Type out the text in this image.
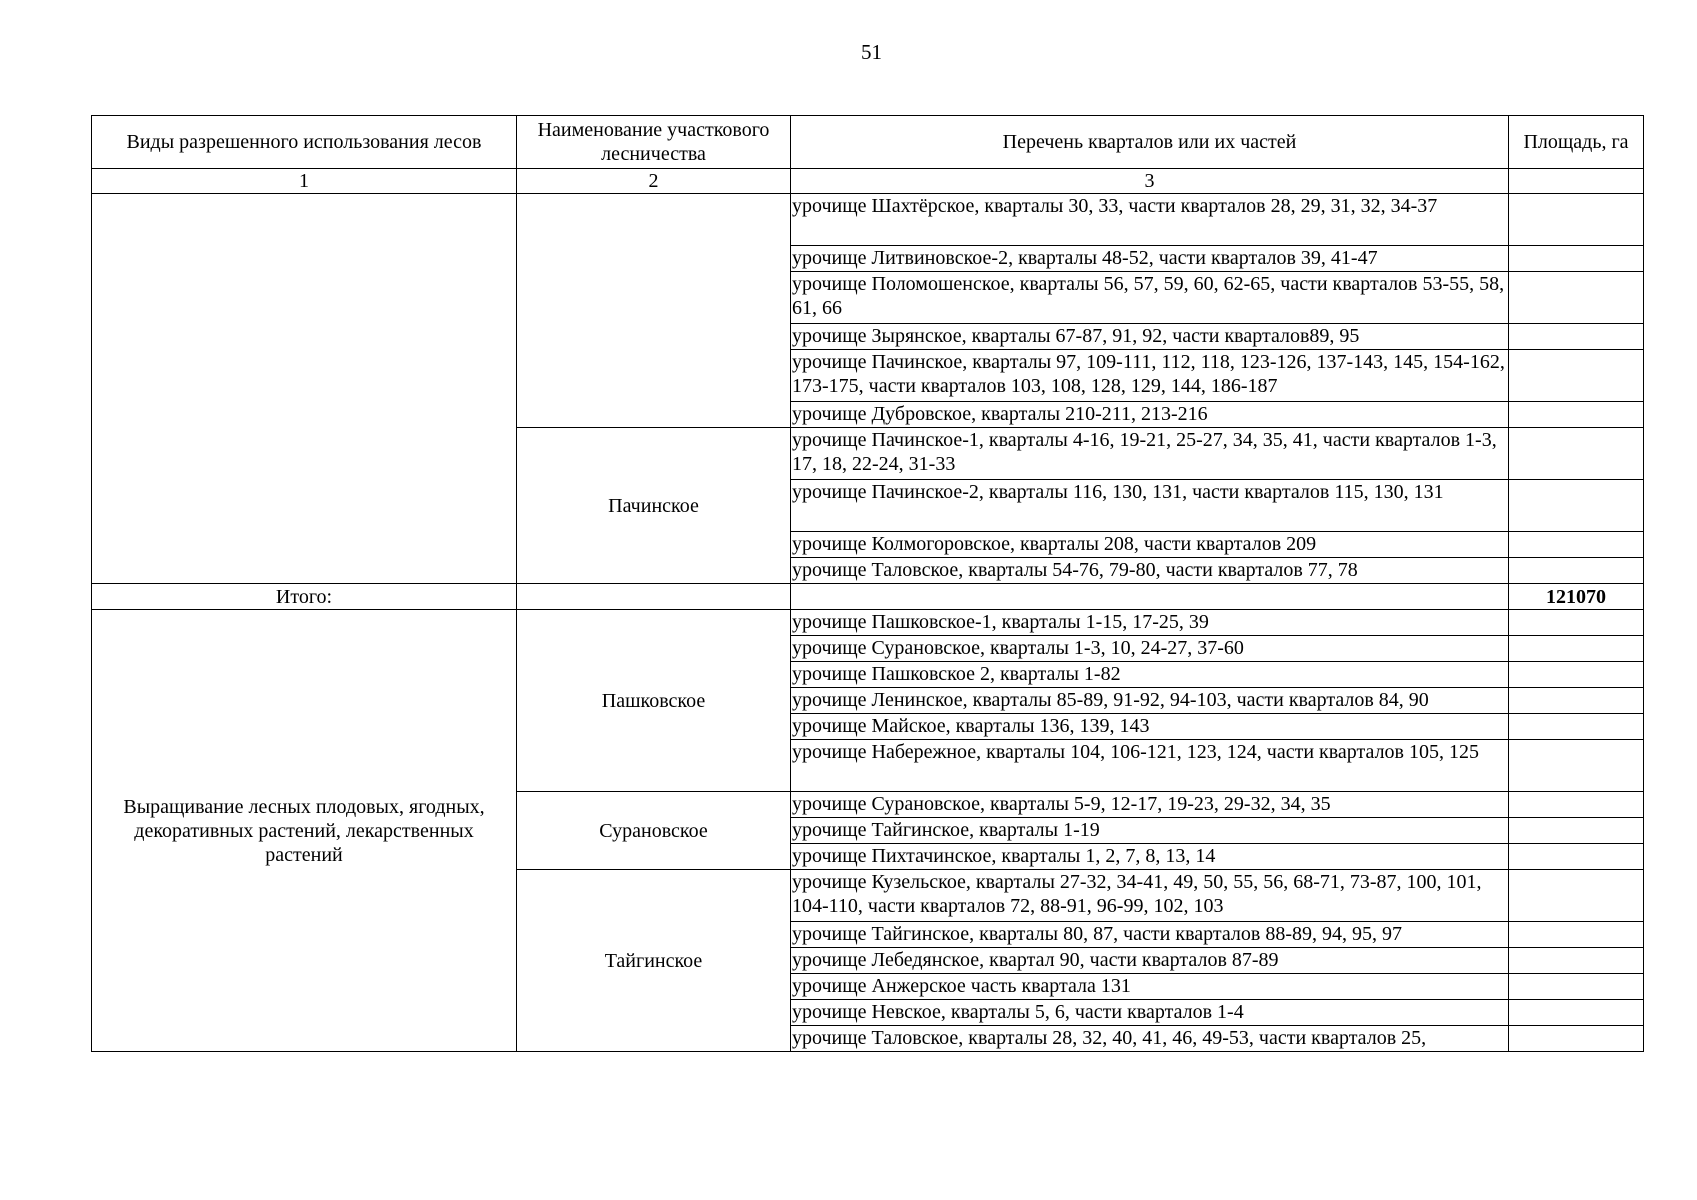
51
Виды разрешенного использования лесов	Наименование участкового лесничества	Перечень кварталов или их частей	Площадь, га
1	2	3	
		урочище Шахтёрское, кварталы 30, 33, части кварталов 28, 29, 31, 32, 34-37	
		урочище Литвиновское-2, кварталы 48-52, части кварталов 39, 41-47	
		урочище Поломошенское, кварталы 56, 57, 59, 60, 62-65, части кварталов 53-55, 58, 61, 66	
		урочище Зырянское, кварталы 67-87, 91, 92, части кварталов89, 95	
		урочище Пачинское, кварталы 97, 109-111, 112, 118, 123-126, 137-143, 145, 154-162, 173-175, части кварталов 103, 108, 128, 129, 144, 186-187	
		урочище Дубровское, кварталы 210-211, 213-216	
	Пачинское	урочище Пачинское-1, кварталы 4-16, 19-21, 25-27, 34, 35, 41, части кварталов 1-3, 17, 18, 22-24, 31-33	
		урочище Пачинское-2, кварталы 116, 130, 131, части кварталов 115, 130, 131	
		урочище Колмогоровское, кварталы 208, части кварталов 209	
		урочище Таловское, кварталы 54-76, 79-80, части кварталов 77, 78	
Итого:			121070
Выращивание лесных плодовых, ягодных, декоративных растений, лекарственных растений	Пашковское	урочище Пашковское-1, кварталы 1-15, 17-25, 39	
		урочище Сурановское, кварталы 1-3, 10, 24-27, 37-60	
		урочище Пашковское 2, кварталы 1-82	
		урочище Ленинское, кварталы 85-89, 91-92, 94-103, части кварталов 84, 90	
		урочище Майское, кварталы 136, 139, 143	
		урочище Набережное, кварталы 104, 106-121, 123, 124, части кварталов 105, 125	
	Сурановское	урочище Сурановское, кварталы 5-9, 12-17, 19-23, 29-32, 34, 35	
		урочище Тайгинское, кварталы 1-19	
		урочище Пихтачинское, кварталы 1, 2, 7, 8, 13, 14	
	Тайгинское	урочище Кузельское, кварталы 27-32, 34-41, 49, 50, 55, 56, 68-71, 73-87, 100, 101, 104-110, части кварталов 72, 88-91, 96-99, 102, 103	
		урочище Тайгинское, кварталы 80, 87, части кварталов 88-89, 94, 95, 97	
		урочище Лебедянское, квартал 90, части кварталов 87-89	
		урочище Анжерское часть квартала 131	
		урочище Невское, кварталы 5, 6, части кварталов 1-4	
		урочище Таловское, кварталы 28, 32, 40, 41, 46, 49-53, части кварталов 25,	
